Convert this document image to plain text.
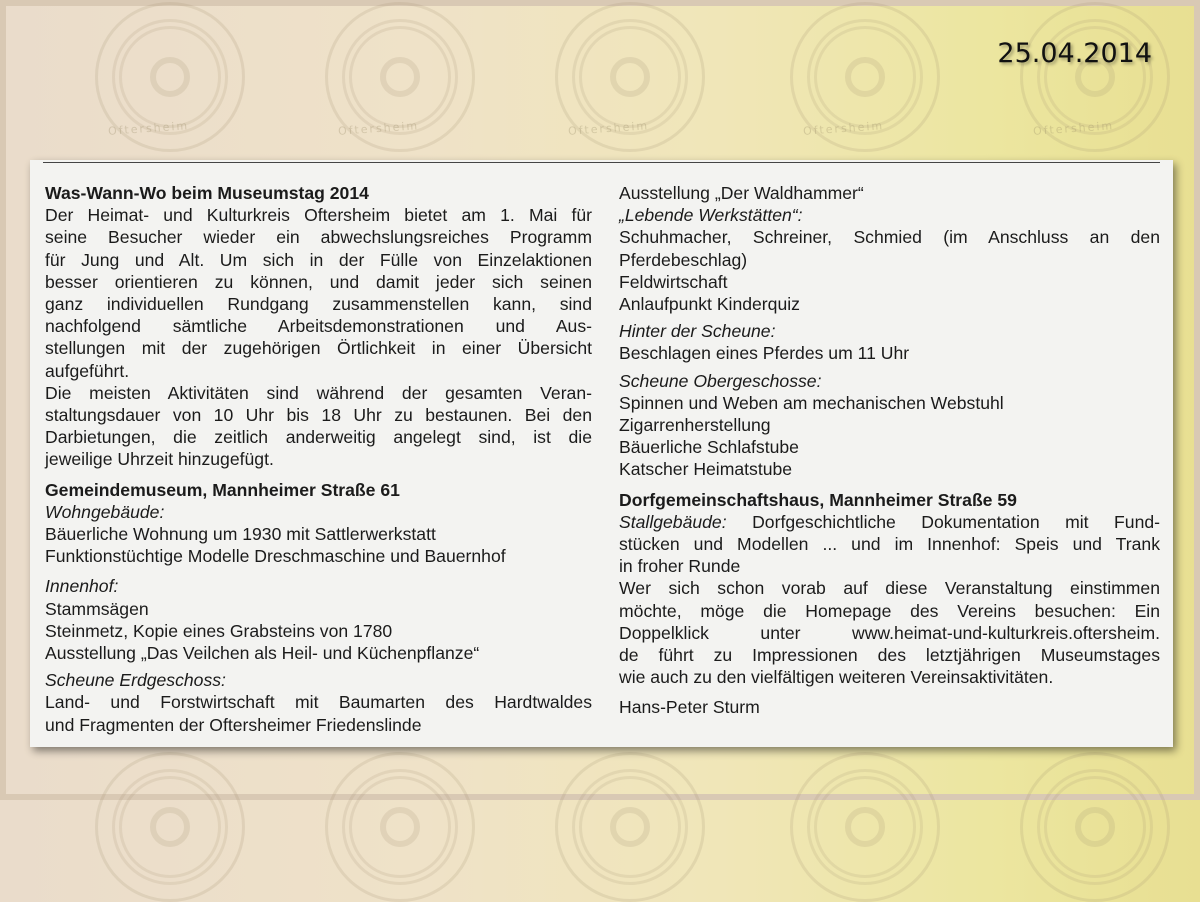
Oftersheim	Oftersheim	Oftersheim	Oftersheim	Oftersheim
25.04.2014

Was-Wann-Wo beim Museumstag 2014

Der Heimat- und Kulturkreis Oftersheim bietet am 1. Mai für

seine Besucher wieder ein abwechslungsreiches Programm

für Jung und Alt. Um sich in der Fülle von Einzelaktionen

besser orientieren zu können, und damit jeder sich seinen

ganz individuellen Rundgang zusammenstellen kann, sind

nachfolgend sämtliche Arbeitsdemonstrationen und Aus-

stellungen mit der zugehörigen Örtlichkeit in einer Übersicht

aufgeführt.

Die meisten Aktivitäten sind während der gesamten Veran-

staltungsdauer von 10 Uhr bis 18 Uhr zu bestaunen. Bei den

Darbietungen, die zeitlich anderweitig angelegt sind, ist die

jeweilige Uhrzeit hinzugefügt.

Gemeindemuseum, Mannheimer Straße 61

Wohngebäude:

Bäuerliche Wohnung um 1930 mit Sattlerwerkstatt

Funktionstüchtige Modelle Dreschmaschine und Bauernhof

Innenhof:

Stammsägen

Steinmetz, Kopie eines Grabsteins von 1780

Ausstellung „Das Veilchen als Heil- und Küchenpflanze“

Scheune Erdgeschoss:

Land- und Forstwirtschaft mit Baumarten des Hardtwaldes

und Fragmenten der Oftersheimer Friedenslinde

Ausstellung „Der Waldhammer“

„Lebende Werkstätten“:

Schuhmacher, Schreiner, Schmied (im Anschluss an den

Pferdebeschlag)

Feldwirtschaft

Anlaufpunkt Kinderquiz

Hinter der Scheune:

Beschlagen eines Pferdes um 11 Uhr

Scheune Obergeschosse:

Spinnen und Weben am mechanischen Webstuhl

Zigarrenherstellung

Bäuerliche Schlafstube

Katscher Heimatstube

Dorfgemeinschaftshaus, Mannheimer Straße 59

Stallgebäude: Dorfgeschichtliche Dokumentation mit Fund-

stücken und Modellen ... und im Innenhof: Speis und Trank

in froher Runde

Wer sich schon vorab auf diese Veranstaltung einstimmen

möchte, möge die Homepage des Vereins besuchen: Ein

Doppelklick unter www.heimat-und-kulturkreis.oftersheim.

de führt zu Impressionen des letztjährigen Museumstages

wie auch zu den vielfältigen weiteren Vereinsaktivitäten.

Hans-Peter Sturm
